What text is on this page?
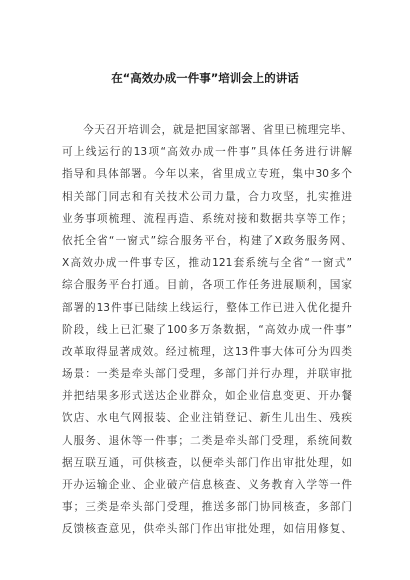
在“高效办成一件事”培训会上的讲话
今天召开培训会，就是把国家部署、省里已梳理完毕、
可上线运行的13项“高效办成一件事”具体任务进行讲解
指导和具体部署。今年以来，省里成立专班，集中30多个
相关部门同志和有关技术公司力量，合力攻坚，扎实推进
业务事项梳理、流程再造、系统对接和数据共享等工作；
依托全省“一窗式”综合服务平台，构建了X政务服务网、
X高效办成一件事专区，推动121套系统与全省“一窗式”
综合服务平台打通。目前，各项工作任务进展顺利，国家
部署的13件事已陆续上线运行，整体工作已进入优化提升
阶段，线上已汇聚了100多万条数据，“高效办成一件事”
改革取得显著成效。经过梳理，这13件事大体可分为四类
场景：一类是牵头部门受理，多部门并行办理，并联审批
并把结果多形式送达企业群众，如企业信息变更、开办餐
饮店、水电气网报装、企业注销登记、新生儿出生、残疾
人服务、退休等一件事；二类是牵头部门受理，系统间数
据互联互通，可供核查，以便牵头部门作出审批处理，如
开办运输企业、企业破产信息核查、义务教育入学等一件
事；三类是牵头部门受理，推送多部门协同核查，多部门
反馈核查意见，供牵头部门作出审批处理，如信用修复、
